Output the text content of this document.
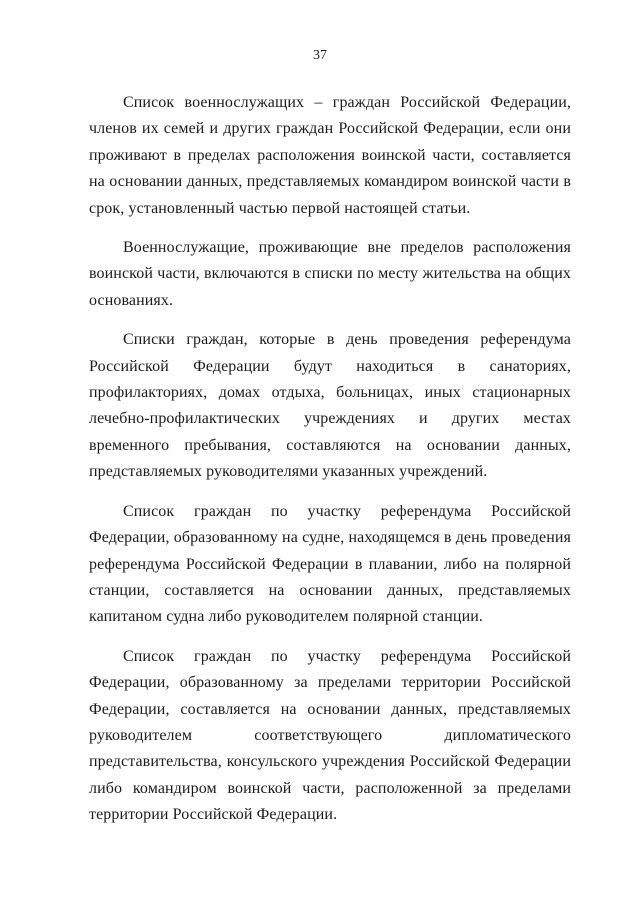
37

Список военнослужащих – граждан Российской Федерации, членов их семей и других граждан Российской Федерации, если они проживают в пределах расположения воинской части, составляется на основании данных, представляемых командиром воинской части в срок, установленный частью первой настоящей статьи.

Военнослужащие, проживающие вне пределов расположения воинской части, включаются в списки по месту жительства на общих основаниях.

Списки граждан, которые в день проведения референдума Российской Федерации будут находиться в санаториях, профилакториях, домах отдыха, больницах, иных стационарных лечебно-профилактических учреждениях и других местах временного пребывания, составляются на основании данных, представляемых руководителями указанных учреждений.

Список граждан по участку референдума Российской Федерации, образованному на судне, находящемся в день проведения референдума Российской Федерации в плавании, либо на полярной станции, составляется на основании данных, представляемых капитаном судна либо руководителем полярной станции.

Список граждан по участку референдума Российской Федерации, образованному за пределами территории Российской Федерации, составляется на основании данных, представляемых руководителем соответствующего дипломатического представительства, консульского учреждения Российской Федерации либо командиром воинской части, расположенной за пределами территории Российской Федерации.
